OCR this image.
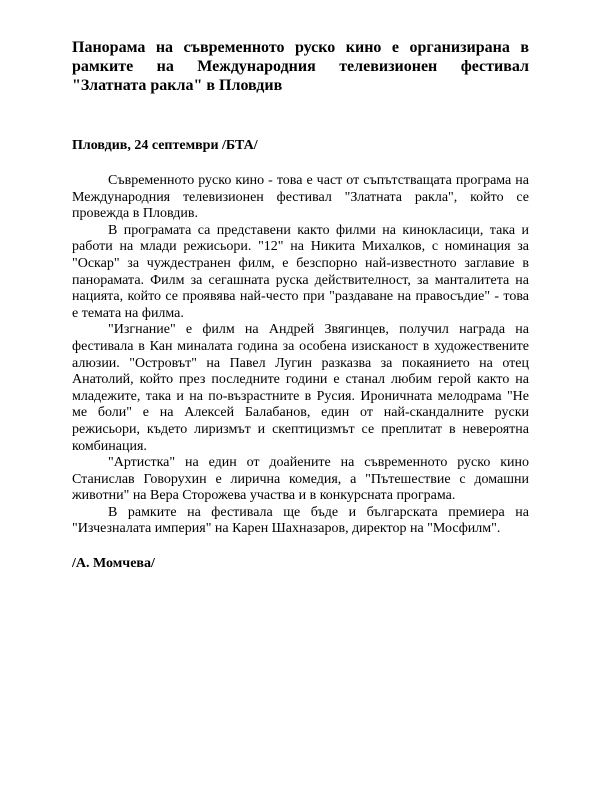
Панорама на съвременното руско кино е организирана в рамките на Международния телевизионен фестивал "Златната ракла" в Пловдив

Пловдив, 24 септември /БТА/

Съвременното руско кино - това е част от съпътстващата програма на Международния телевизионен фестивал "Златната ракла", който се провежда в Пловдив.

В програмата са представени както филми на кинокласици, така и работи на млади режисьори. "12" на Никита Михалков, с номинация за "Оскар" за чуждестранен филм, е безспорно най-известното заглавие в панорамата. Филм за сегашната руска действителност, за манталитета на нацията, който се проявява най-често при "раздаване на правосъдие" - това е темата на филма.

"Изгнание" е филм на Андрей Звягинцев, получил награда на фестивала в Кан миналата година за особена изисканост в художествените алюзии. "Островът" на Павел Лугин разказва за покаянието на отец Анатолий, който през последните години е станал любим герой както на младежите, така и на по-възрастните в Русия. Ироничната мелодрама "Не ме боли" е на Алексей Балабанов, един от най-скандалните руски режисьори, където лиризмът и скептицизмът се преплитат в невероятна комбинация.

"Артистка" на един от доайените на съвременното руско кино Станислав Говорухин е лирична комедия, а "Пътешествие с домашни животни" на Вера Сторожева участва и в конкурсната програма.

В рамките на фестивала ще бъде и българската премиера на "Изчезналата империя" на Карен Шахназаров, директор на "Мосфилм".

/А. Момчева/
